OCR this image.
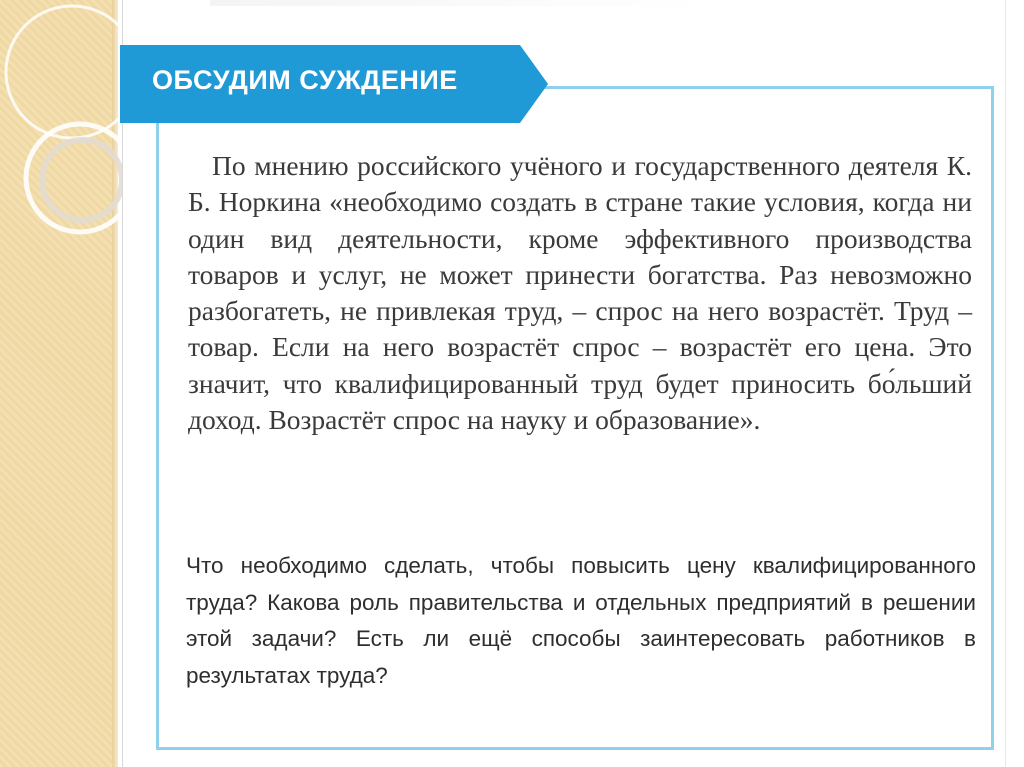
ОБСУДИМ СУЖДЕНИЕ

По мнению российского учёного и государственного деятеля К. Б. Норкина «необходимо создать в стране такие условия, когда ни один вид деятельности, кроме эффективного производства товаров и услуг, не может принести богатства. Раз невозможно разбогатеть, не привлекая труд, – спрос на него возрастёт. Труд – товар. Если на него возрастёт спрос – возрастёт его цена. Это значит, что квалифицированный труд будет приносить бо́льший доход. Возрастёт спрос на науку и образование».

Что необходимо сделать, чтобы повысить цену квалифицированного труда? Какова роль правительства и отдельных предприятий в решении этой задачи? Есть ли ещё способы заинтересовать работников в результатах труда?
